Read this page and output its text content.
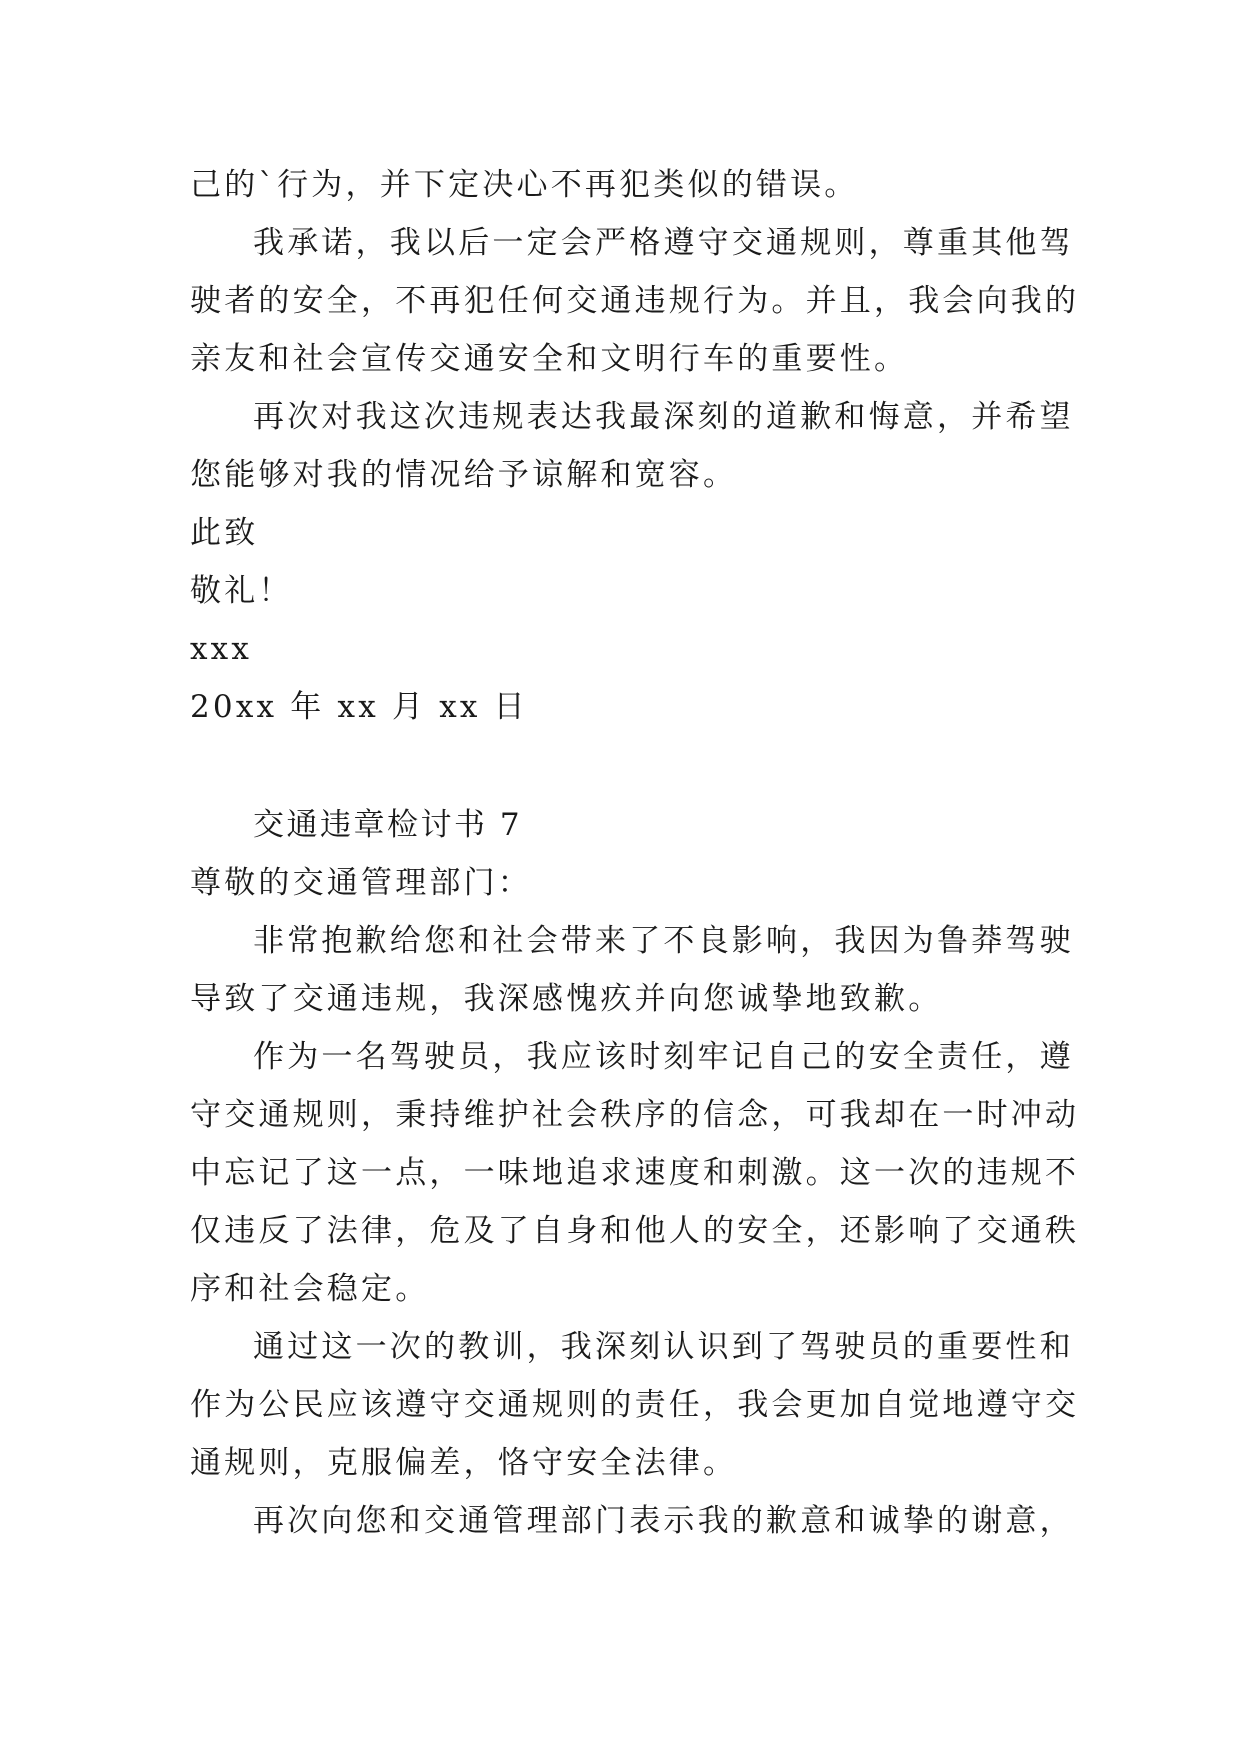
己的`行为，并下定决心不再犯类似的错误。
我承诺，我以后一定会严格遵守交通规则，尊重其他驾
驶者的安全，不再犯任何交通违规行为。并且，我会向我的
亲友和社会宣传交通安全和文明行车的重要性。
再次对我这次违规表达我最深刻的道歉和悔意，并希望
您能够对我的情况给予谅解和宽容。
此致
敬礼！
xxx
20xx 年 xx 月 xx 日
交通违章检讨书 7
尊敬的交通管理部门：
非常抱歉给您和社会带来了不良影响，我因为鲁莽驾驶
导致了交通违规，我深感愧疚并向您诚挚地致歉。
作为一名驾驶员，我应该时刻牢记自己的安全责任，遵
守交通规则，秉持维护社会秩序的信念，可我却在一时冲动
中忘记了这一点，一味地追求速度和刺激。这一次的违规不
仅违反了法律，危及了自身和他人的安全，还影响了交通秩
序和社会稳定。
通过这一次的教训，我深刻认识到了驾驶员的重要性和
作为公民应该遵守交通规则的责任，我会更加自觉地遵守交
通规则，克服偏差，恪守安全法律。
再次向您和交通管理部门表示我的歉意和诚挚的谢意，
